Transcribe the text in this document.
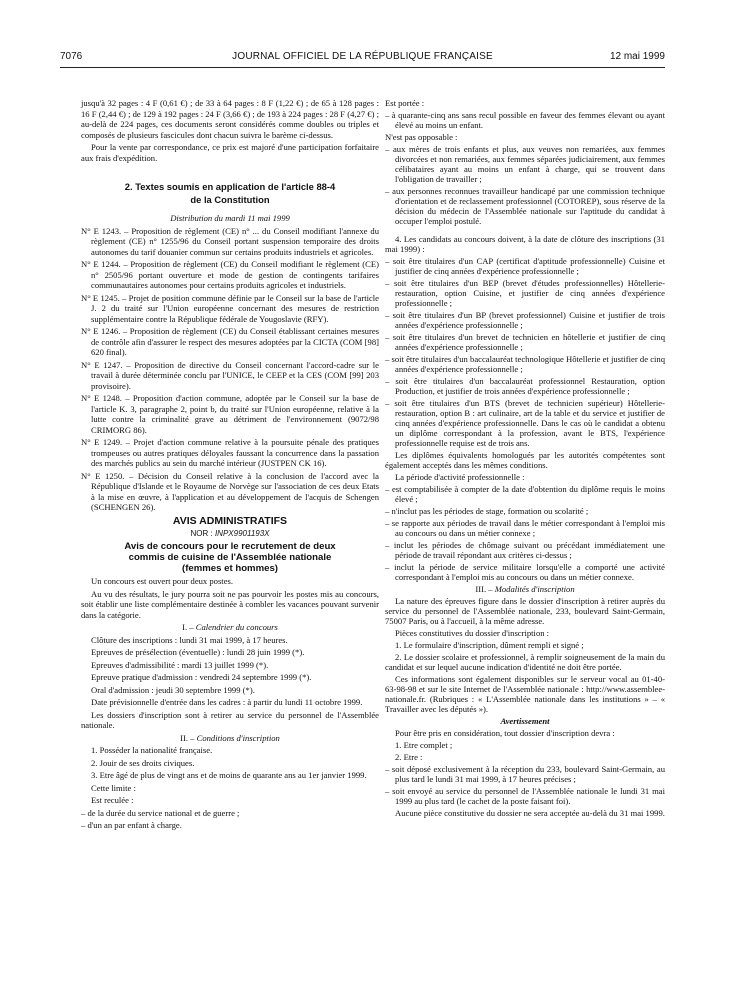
7076	JOURNAL OFFICIEL DE LA RÉPUBLIQUE FRANÇAISE	12 mai 1999

jusqu'à 32 pages : 4 F (0,61 €) ; de 33 à 64 pages : 8 F (1,22 €) ; de 65 à 128 pages : 16 F (2,44 €) ; de 129 à 192 pages : 24 F (3,66 €) ; de 193 à 224 pages : 28 F (4,27 €) ; au-delà de 224 pages, ces documents seront considérés comme doubles ou triples et composés de plusieurs fascicules dont chacun suivra le barème ci-dessus.

Pour la vente par correspondance, ce prix est majoré d'une participation forfaitaire aux frais d'expédition.

2. Textes soumis en application de l'article 88-4

de la Constitution

Distribution du mardi 11 mai 1999

N° E 1243. – Proposition de règlement (CE) n° ... du Conseil modifiant l'annexe du règlement (CE) n° 1255/96 du Conseil portant suspension temporaire des droits autonomes du tarif douanier commun sur certains produits industriels et agricoles.

N° E 1244. – Proposition de règlement (CE) du Conseil modifiant le règlement (CE) n° 2505/96 portant ouverture et mode de gestion de contingents tarifaires communautaires autonomes pour certains produits agricoles et industriels.

N° E 1245. – Projet de position commune définie par le Conseil sur la base de l'article J. 2 du traité sur l'Union européenne concernant des mesures de restriction supplémentaire contre la République fédérale de Yougoslavie (RFY).

N° E 1246. – Proposition de règlement (CE) du Conseil établissant certaines mesures de contrôle afin d'assurer le respect des mesures adoptées par la CICTA (COM [98] 620 final).

N° E 1247. – Proposition de directive du Conseil concernant l'accord-cadre sur le travail à durée déterminée conclu par l'UNICE, le CEEP et la CES (COM [99] 203 provisoire).

N° E 1248. – Proposition d'action commune, adoptée par le Conseil sur la base de l'article K. 3, paragraphe 2, point b, du traité sur l'Union européenne, relative à la lutte contre la criminalité grave au détriment de l'environnement (9072/98 CRIMORG 86).

N° E 1249. – Projet d'action commune relative à la poursuite pénale des pratiques trompeuses ou autres pratiques déloyales faussant la concurrence dans la passation des marchés publics au sein du marché intérieur (JUSTPEN CK 16).

N° E 1250. – Décision du Conseil relative à la conclusion de l'accord avec la République d'Islande et le Royaume de Norvège sur l'association de ces deux Etats à la mise en œuvre, à l'application et au développement de l'acquis de Schengen (SCHENGEN 26).

AVIS ADMINISTRATIFS

NOR : INPX9901193X

Avis de concours pour le recrutement de deux

commis de cuisine de l'Assemblée nationale

(femmes et hommes)

Un concours est ouvert pour deux postes.

Au vu des résultats, le jury pourra soit ne pas pourvoir les postes mis au concours, soit établir une liste complémentaire destinée à combler les vacances pouvant survenir dans la catégorie.

I. – Calendrier du concours

Clôture des inscriptions : lundi 31 mai 1999, à 17 heures.

Epreuves de présélection (éventuelle) : lundi 28 juin 1999 (*).

Epreuves d'admissibilité : mardi 13 juillet 1999 (*).

Epreuve pratique d'admission : vendredi 24 septembre 1999 (*).

Oral d'admission : jeudi 30 septembre 1999 (*).

Date prévisionnelle d'entrée dans les cadres : à partir du lundi 11 octobre 1999.

Les dossiers d'inscription sont à retirer au service du personnel de l'Assemblée nationale.

II. – Conditions d'inscription

1. Posséder la nationalité française.

2. Jouir de ses droits civiques.

3. Etre âgé de plus de vingt ans et de moins de quarante ans au 1er janvier 1999.

Cette limite :

Est reculée :

– de la durée du service national et de guerre ;

– d'un an par enfant à charge.

Est portée :

– à quarante-cinq ans sans recul possible en faveur des femmes élevant ou ayant élevé au moins un enfant.

N'est pas opposable :

– aux mères de trois enfants et plus, aux veuves non remariées, aux femmes divorcées et non remariées, aux femmes séparées judiciairement, aux femmes célibataires ayant au moins un enfant à charge, qui se trouvent dans l'obligation de travailler ;

– aux personnes reconnues travailleur handicapé par une commission technique d'orientation et de reclassement professionnel (COTOREP), sous réserve de la décision du médecin de l'Assemblée nationale sur l'aptitude du candidat à occuper l'emploi postulé.

4. Les candidats au concours doivent, à la date de clôture des inscriptions (31 mai 1999) :

– soit être titulaires d'un CAP (certificat d'aptitude professionnelle) Cuisine et justifier de cinq années d'expérience professionnelle ;

– soit être titulaires d'un BEP (brevet d'études professionnelles) Hôtellerie-restauration, option Cuisine, et justifier de cinq années d'expérience professionnelle ;

– soit être titulaires d'un BP (brevet professionnel) Cuisine et justifier de trois années d'expérience professionnelle ;

– soit être titulaires d'un brevet de technicien en hôtellerie et justifier de cinq années d'expérience professionnelle ;

– soit être titulaires d'un baccalauréat technologique Hôtellerie et justifier de cinq années d'expérience professionnelle ;

– soit être titulaires d'un baccalauréat professionnel Restauration, option Production, et justifier de trois années d'expérience professionnelle ;

– soit être titulaires d'un BTS (brevet de technicien supérieur) Hôtellerie-restauration, option B : art culinaire, art de la table et du service et justifier de cinq années d'expérience professionnelle. Dans le cas où le candidat a obtenu un diplôme correspondant à la profession, avant le BTS, l'expérience professionnelle requise est de trois ans.

Les diplômes équivalents homologués par les autorités compétentes sont également acceptés dans les mêmes conditions.

La période d'activité professionnelle :

– est comptabilisée à compter de la date d'obtention du diplôme requis le moins élevé ;

– n'inclut pas les périodes de stage, formation ou scolarité ;

– se rapporte aux périodes de travail dans le métier correspondant à l'emploi mis au concours ou dans un métier connexe ;

– inclut les périodes de chômage suivant ou précédant immédiatement une période de travail répondant aux critères ci-dessus ;

– inclut la période de service militaire lorsqu'elle a comporté une activité correspondant à l'emploi mis au concours ou dans un métier connexe.

III. – Modalités d'inscription

La nature des épreuves figure dans le dossier d'inscription à retirer auprès du service du personnel de l'Assemblée nationale, 233, boulevard Saint-Germain, 75007 Paris, ou à l'accueil, à la même adresse.

Pièces constitutives du dossier d'inscription :

1. Le formulaire d'inscription, dûment rempli et signé ;

2. Le dossier scolaire et professionnel, à remplir soigneusement de la main du candidat et sur lequel aucune indication d'identité ne doit être portée.

Ces informations sont également disponibles sur le serveur vocal au 01-40-63-98-98 et sur le site Internet de l'Assemblée nationale : http://www.assemblee-nationale.fr. (Rubriques : « L'Assemblée nationale dans les institutions » – « Travailler avec les députés »).

Avertissement

Pour être pris en considération, tout dossier d'inscription devra :

1. Etre complet ;

2. Etre :

– soit déposé exclusivement à la réception du 233, boulevard Saint-Germain, au plus tard le lundi 31 mai 1999, à 17 heures précises ;

– soit envoyé au service du personnel de l'Assemblée nationale le lundi 31 mai 1999 au plus tard (le cachet de la poste faisant foi).

Aucune pièce constitutive du dossier ne sera acceptée au-delà du 31 mai 1999.
